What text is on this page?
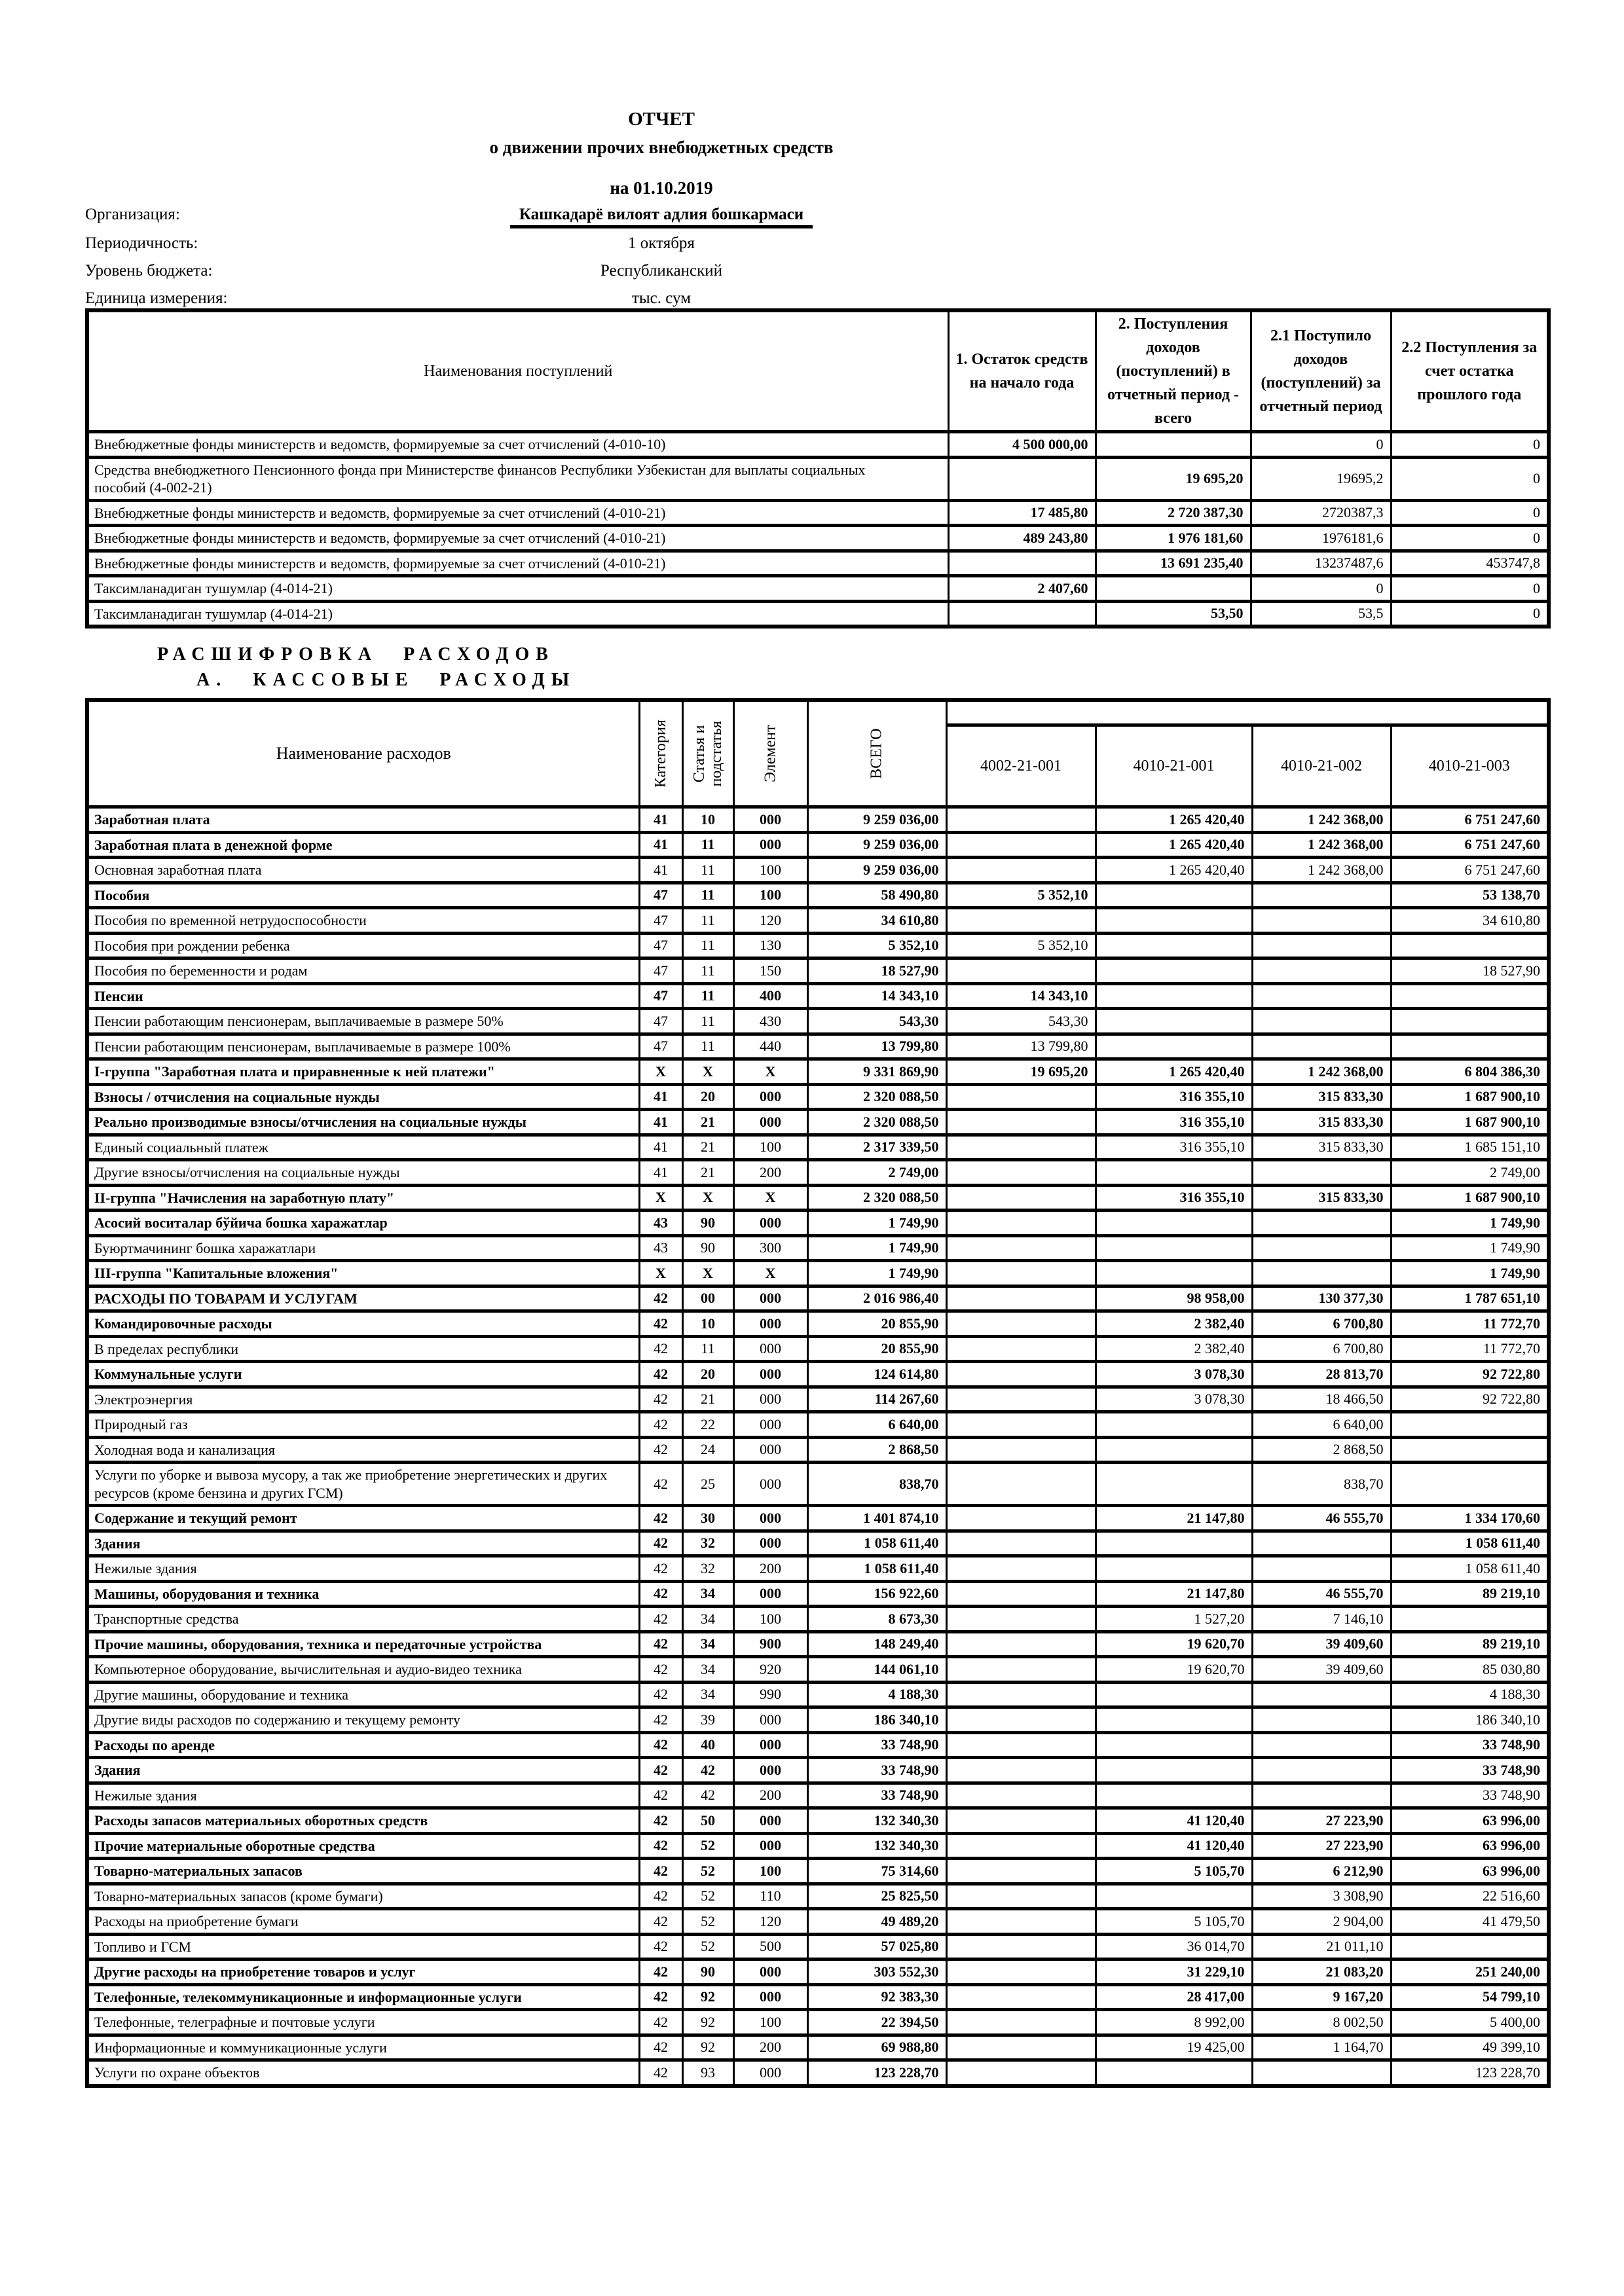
ОТЧЕТ
о движении прочих внебюджетных средств
на 01.10.2019
Организация:	Кашкадарё вилоят адлия бошкармаси
Периодичность:	1 октября
Уровень бюджета:	Республиканский
Единица измерения:	тыс. сум
Наименования поступлений	1. Остаток средств на начало года	2. Поступления доходов (поступлений) в отчетный период - всего	2.1 Поступило доходов (поступлений) за отчетный период	2.2 Поступления за счет остатка прошлого года
Внебюджетные фонды министерств и ведомств, формируемые за счет отчислений (4-010-10)	4 500 000,00		0	0
Средства внебюджетного Пенсионного фонда при Министерстве финансов Республики Узбекистан для выплаты социальных пособий (4-002-21)		19 695,20	19695,2	0
Внебюджетные фонды министерств и ведомств, формируемые за счет отчислений (4-010-21)	17 485,80	2 720 387,30	2720387,3	0
Внебюджетные фонды министерств и ведомств, формируемые за счет отчислений (4-010-21)	489 243,80	1 976 181,60	1976181,6	0
Внебюджетные фонды министерств и ведомств, формируемые за счет отчислений (4-010-21)		13 691 235,40	13237487,6	453747,8
Таксимланадиган тушумлар (4-014-21)	2 407,60		0	0
Таксимланадиган тушумлар (4-014-21)		53,50	53,5	0
РАСШИФРОВКА РАСХОДОВ
А. КАССОВЫЕ РАСХОДЫ
Наименование расходов	Категория	Статья и подстатья	Элемент	ВСЕГО				

					4002-21-001	4010-21-001	4010-21-002	4010-21-003
Заработная плата	41	10	000	9 259 036,00		1 265 420,40	1 242 368,00	6 751 247,60
Заработная плата в денежной форме	41	11	000	9 259 036,00		1 265 420,40	1 242 368,00	6 751 247,60
Основная заработная плата	41	11	100	9 259 036,00		1 265 420,40	1 242 368,00	6 751 247,60
Пособия	47	11	100	58 490,80	5 352,10			53 138,70
Пособия по временной нетрудоспособности	47	11	120	34 610,80				34 610,80
Пособия при рождении ребенка	47	11	130	5 352,10	5 352,10			
Пособия по беременности и родам	47	11	150	18 527,90				18 527,90
Пенсии	47	11	400	14 343,10	14 343,10			
Пенсии работающим пенсионерам, выплачиваемые в размере 50%	47	11	430	543,30	543,30			
Пенсии работающим пенсионерам, выплачиваемые в размере 100%	47	11	440	13 799,80	13 799,80			
I-группа "Заработная плата и приравненные к ней платежи"	X	X	X	9 331 869,90	19 695,20	1 265 420,40	1 242 368,00	6 804 386,30
Взносы / отчисления на социальные нужды	41	20	000	2 320 088,50		316 355,10	315 833,30	1 687 900,10
Реально производимые взносы/отчисления на социальные нужды	41	21	000	2 320 088,50		316 355,10	315 833,30	1 687 900,10
Единый социальный платеж	41	21	100	2 317 339,50		316 355,10	315 833,30	1 685 151,10
Другие взносы/отчисления на социальные нужды	41	21	200	2 749,00				2 749,00
II-группа "Начисления на заработную плату"	X	X	X	2 320 088,50		316 355,10	315 833,30	1 687 900,10
Асосий воситалар бўйича бошка харажатлар	43	90	000	1 749,90				1 749,90
Буюртмачининг бошка харажатлари	43	90	300	1 749,90				1 749,90
III-группа "Капитальные вложения"	X	X	X	1 749,90				1 749,90
РАСХОДЫ ПО ТОВАРАМ И УСЛУГАМ	42	00	000	2 016 986,40		98 958,00	130 377,30	1 787 651,10
Командировочные расходы	42	10	000	20 855,90		2 382,40	6 700,80	11 772,70
В пределах республики	42	11	000	20 855,90		2 382,40	6 700,80	11 772,70
Коммунальные услуги	42	20	000	124 614,80		3 078,30	28 813,70	92 722,80
Электроэнергия	42	21	000	114 267,60		3 078,30	18 466,50	92 722,80
Природный газ	42	22	000	6 640,00			6 640,00	
Холодная вода и канализация	42	24	000	2 868,50			2 868,50	
Услуги по уборке и вывоза мусору, а так же приобретение энергетических и других ресурсов (кроме бензина и других ГСМ)	42	25	000	838,70			838,70	
Содержание и текущий ремонт	42	30	000	1 401 874,10		21 147,80	46 555,70	1 334 170,60
Здания	42	32	000	1 058 611,40				1 058 611,40
Нежилые здания	42	32	200	1 058 611,40				1 058 611,40
Машины, оборудования и техника	42	34	000	156 922,60		21 147,80	46 555,70	89 219,10
Транспортные средства	42	34	100	8 673,30		1 527,20	7 146,10	
Прочие машины, оборудования, техника и передаточные устройства	42	34	900	148 249,40		19 620,70	39 409,60	89 219,10
Компьютерное оборудование, вычислительная и аудио-видео техника	42	34	920	144 061,10		19 620,70	39 409,60	85 030,80
Другие машины, оборудование и техника	42	34	990	4 188,30				4 188,30
Другие виды расходов по содержанию и текущему ремонту	42	39	000	186 340,10				186 340,10
Расходы по аренде	42	40	000	33 748,90				33 748,90
Здания	42	42	000	33 748,90				33 748,90
Нежилые здания	42	42	200	33 748,90				33 748,90
Расходы запасов материальных оборотных средств	42	50	000	132 340,30		41 120,40	27 223,90	63 996,00
Прочие материальные оборотные средства	42	52	000	132 340,30		41 120,40	27 223,90	63 996,00
Товарно-материальных запасов	42	52	100	75 314,60		5 105,70	6 212,90	63 996,00
Товарно-материальных запасов (кроме бумаги)	42	52	110	25 825,50			3 308,90	22 516,60
Расходы на приобретение бумаги	42	52	120	49 489,20		5 105,70	2 904,00	41 479,50
Топливо и ГСМ	42	52	500	57 025,80		36 014,70	21 011,10	
Другие расходы на приобретение товаров и услуг	42	90	000	303 552,30		31 229,10	21 083,20	251 240,00
Телефонные, телекоммуникационные и информационные услуги	42	92	000	92 383,30		28 417,00	9 167,20	54 799,10
Телефонные, телеграфные и почтовые услуги	42	92	100	22 394,50		8 992,00	8 002,50	5 400,00
Информационные и коммуникационные услуги	42	92	200	69 988,80		19 425,00	1 164,70	49 399,10
Услуги по охране объектов	42	93	000	123 228,70				123 228,70
